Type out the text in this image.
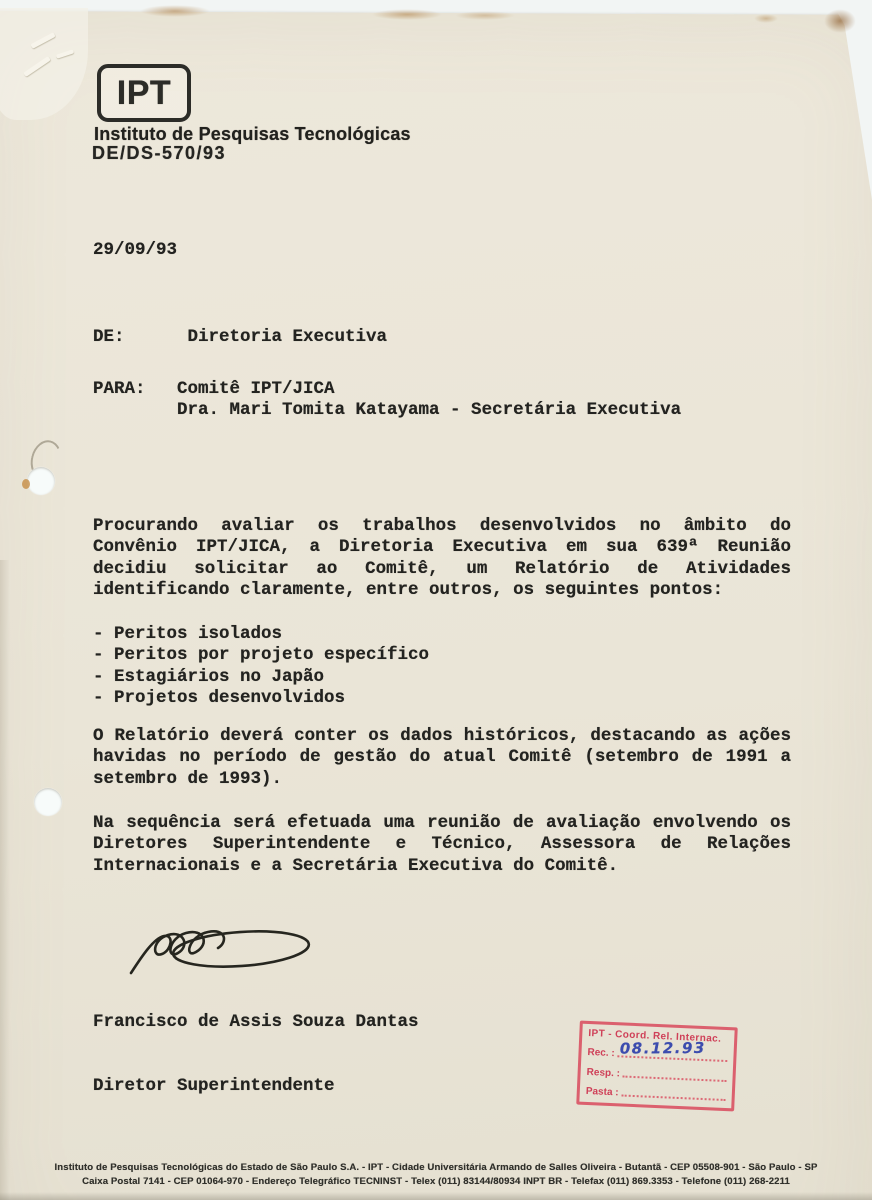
IPT
Instituto de Pesquisas Tecnológicas
DE/DS-570/93
29/09/93
DE:      Diretoria Executiva
PARA:   Comitê IPT/JICA
Dra. Mari Tomita Katayama - Secretária Executiva
Procurando avaliar os trabalhos desenvolvidos no âmbito do
Convênio IPT/JICA, a Diretoria Executiva em sua 639ª Reunião
decidiu solicitar ao Comitê, um Relatório de Atividades
identificando claramente, entre outros, os seguintes pontos:
- Peritos isolados
- Peritos por projeto específico
- Estagiários no Japão
- Projetos desenvolvidos
O Relatório deverá conter os dados históricos, destacando as ações
havidas no período de gestão do atual Comitê (setembro de 1991 a
setembro de 1993).
Na sequência será efetuada uma reunião de avaliação envolvendo os
Diretores Superintendente e Técnico, Assessora de Relações
Internacionais e a Secretária Executiva do Comitê.

Francisco de Assis Souza Dantas

Diretor Superintendente

IPT - Coord. Rel. Internac.
Rec. : 08.12.93
Resp. :
Pasta :
Instituto de Pesquisas Tecnológicas do Estado de São Paulo S.A. - IPT - Cidade Universitária Armando de Salles Oliveira - Butantã - CEP 05508-901 - São Paulo - SP
Caixa Postal 7141 - CEP 01064-970 - Endereço Telegráfico TECNINST - Telex (011) 83144/80934 INPT BR - Telefax (011) 869.3353 - Telefone (011) 268-2211
